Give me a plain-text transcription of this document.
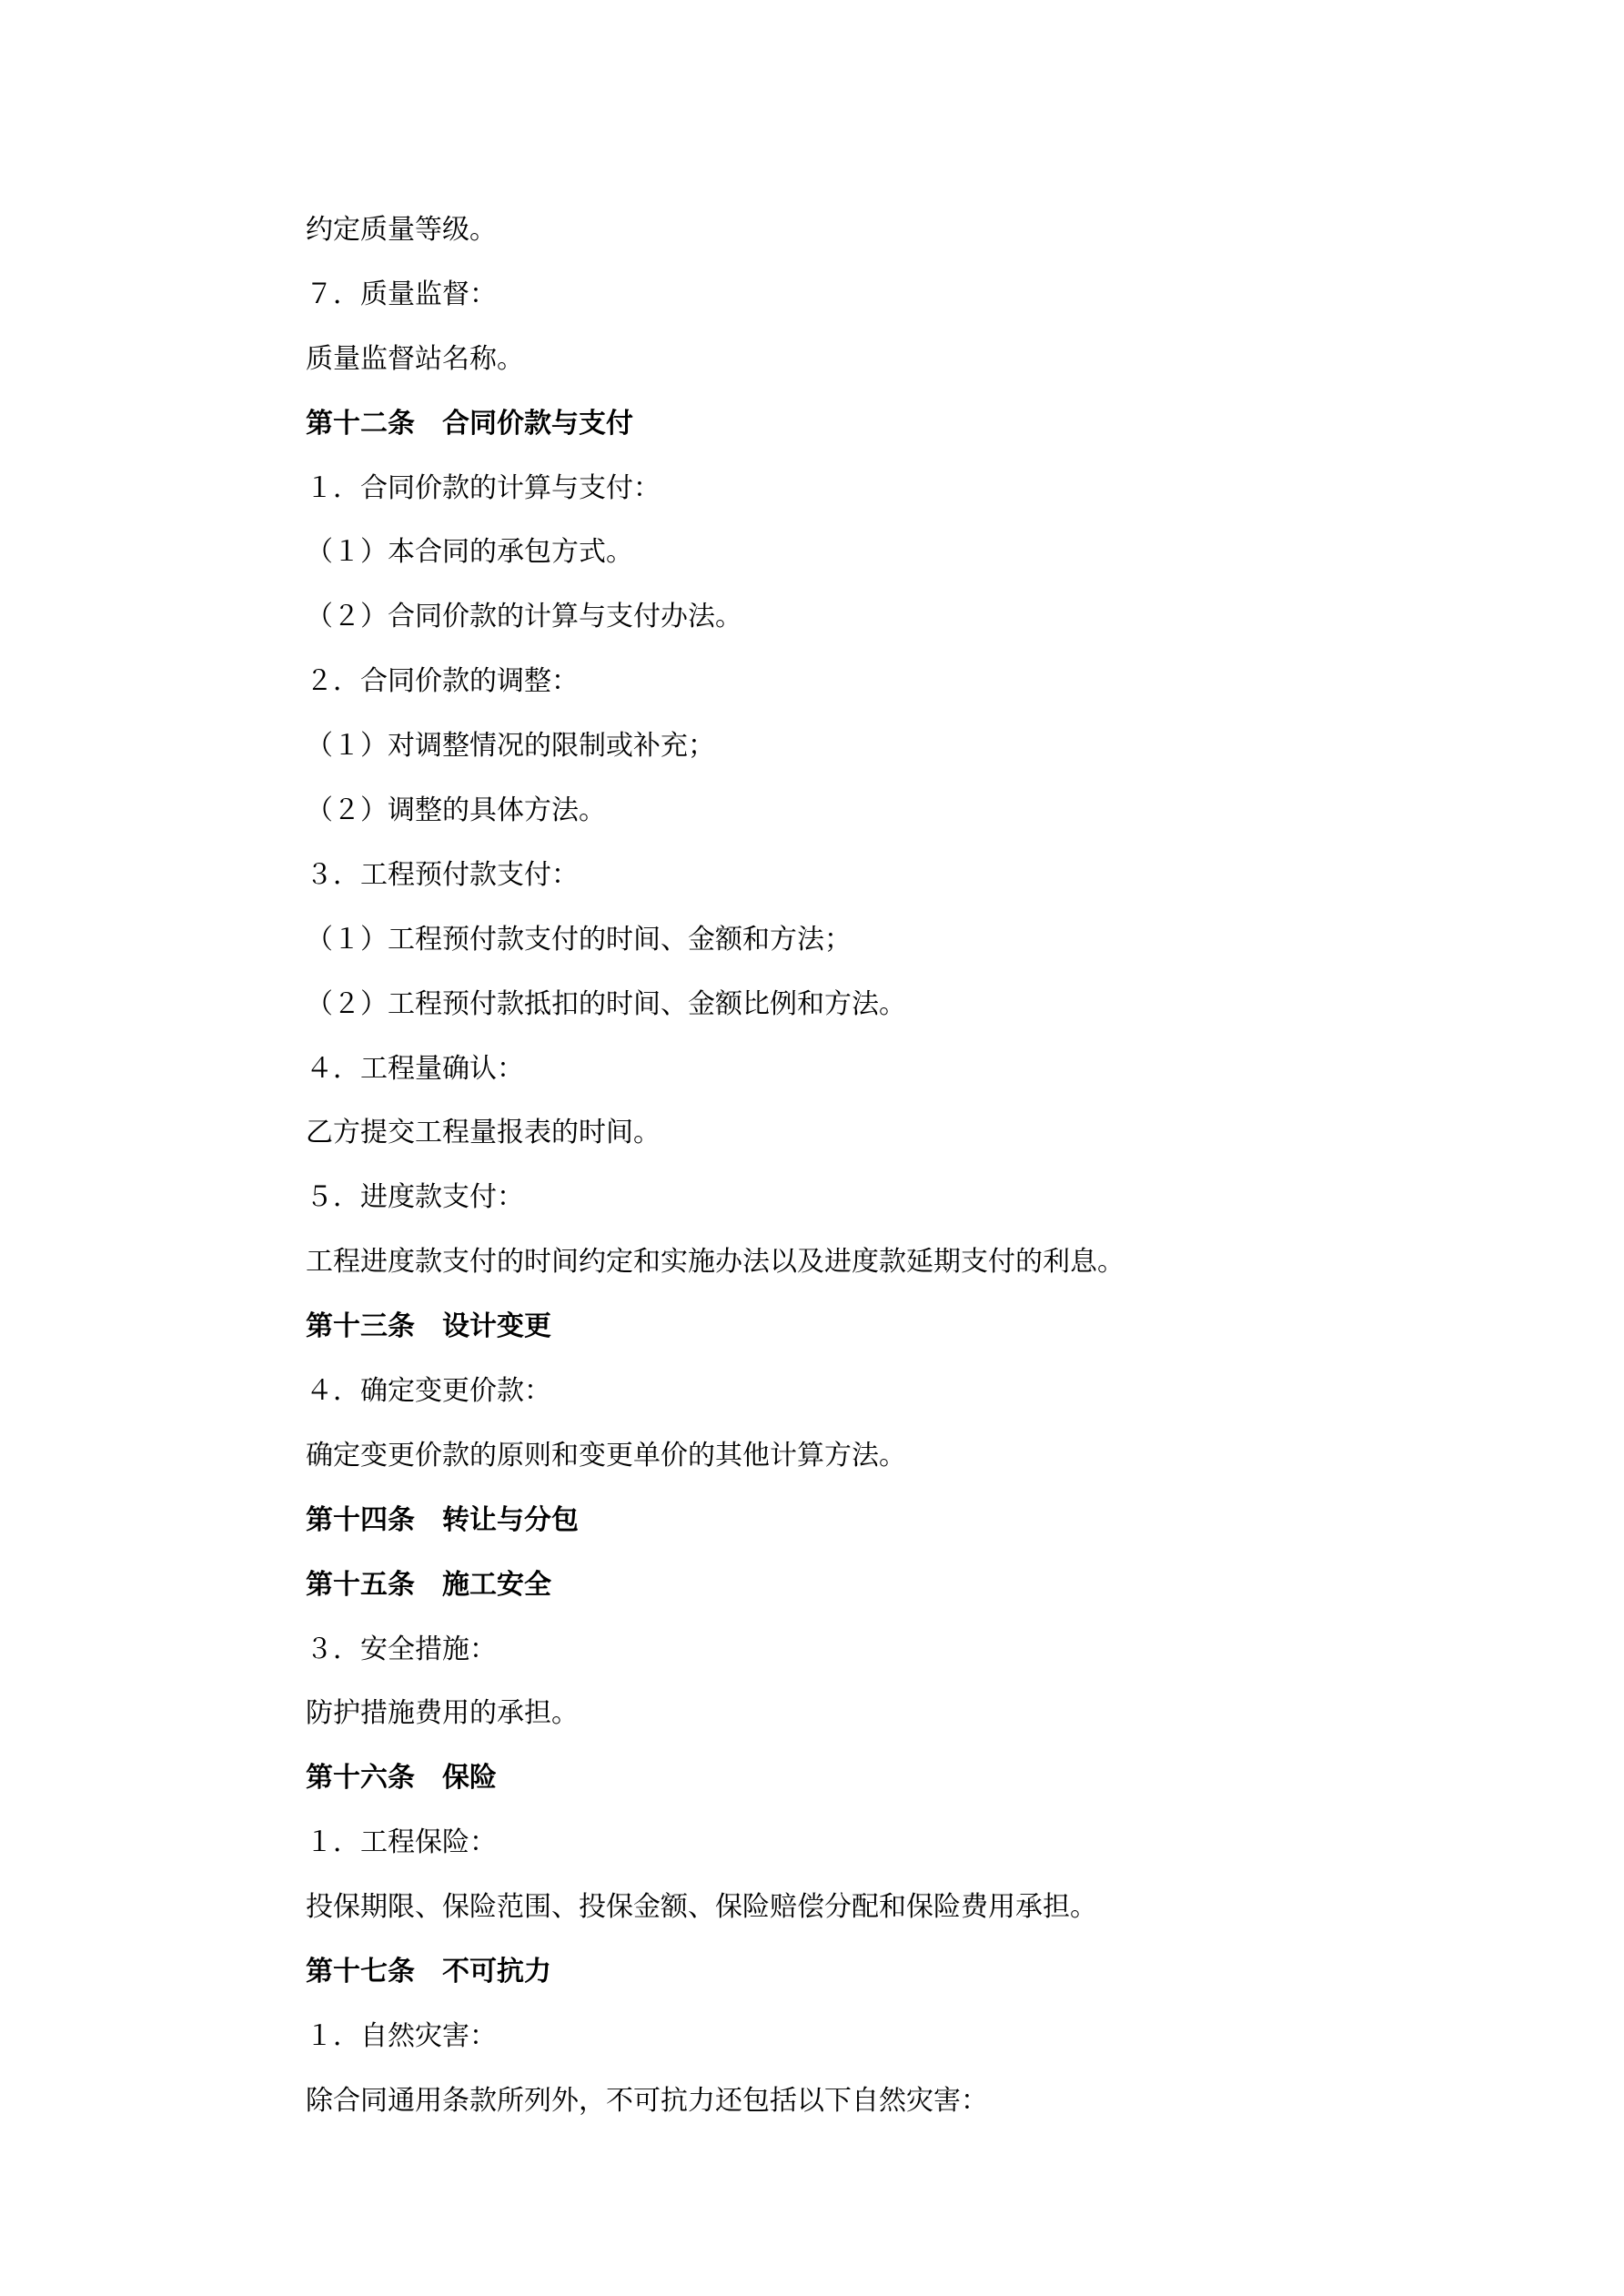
约定质量等级。
７．质量监督：
质量监督站名称。
第十二条　合同价款与支付
１．合同价款的计算与支付：
（１）本合同的承包方式。
（２）合同价款的计算与支付办法。
２．合同价款的调整：
（１）对调整情况的限制或补充；
（２）调整的具体方法。
３．工程预付款支付：
（１）工程预付款支付的时间、金额和方法；
（２）工程预付款抵扣的时间、金额比例和方法。
４．工程量确认：
乙方提交工程量报表的时间。
５．进度款支付：
工程进度款支付的时间约定和实施办法以及进度款延期支付的利息。
第十三条　设计变更
４．确定变更价款：
确定变更价款的原则和变更单价的其他计算方法。
第十四条　转让与分包
第十五条　施工安全
３．安全措施：
防护措施费用的承担。
第十六条　保险
１．工程保险：
投保期限、保险范围、投保金额、保险赔偿分配和保险费用承担。
第十七条　不可抗力
１．自然灾害：
除合同通用条款所列外，不可抗力还包括以下自然灾害：
